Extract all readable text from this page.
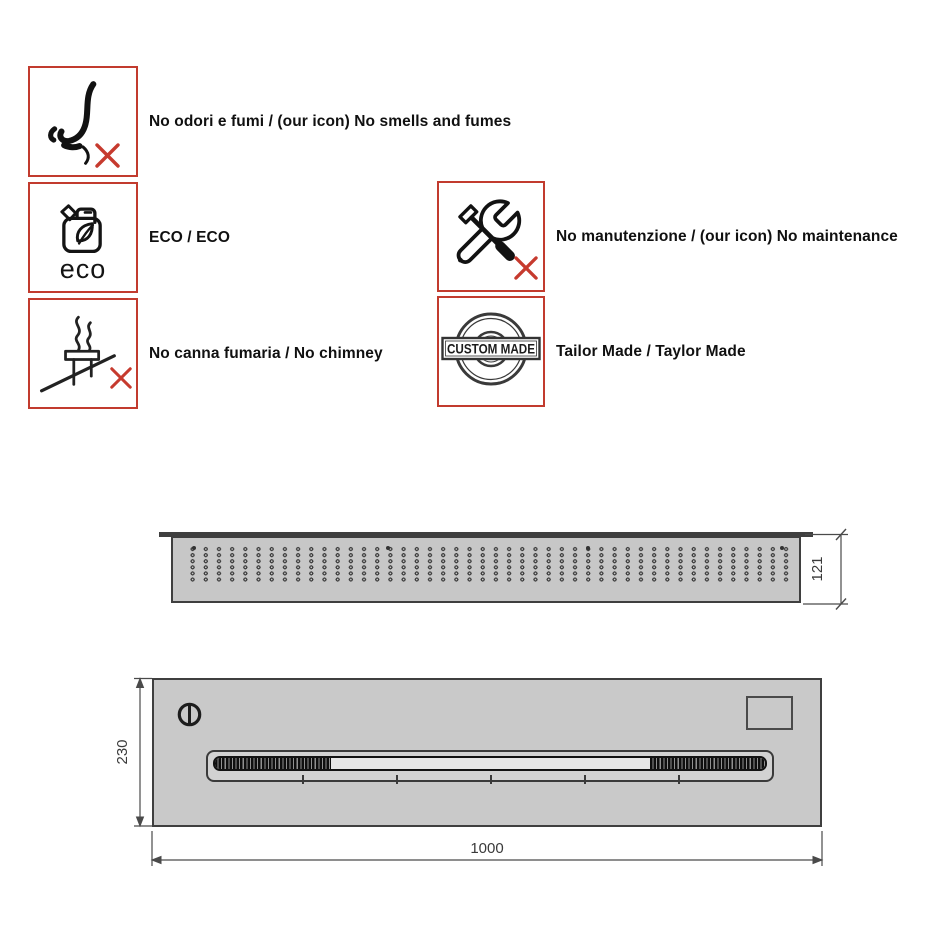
No odori e fumi / (our icon) No smells and fumes
eco
ECO / ECO
No canna fumaria / No chimney
No manutenzione / (our icon) No maintenance
CUSTOM MADE Tailor Made / Taylor Made
121
230
1000
